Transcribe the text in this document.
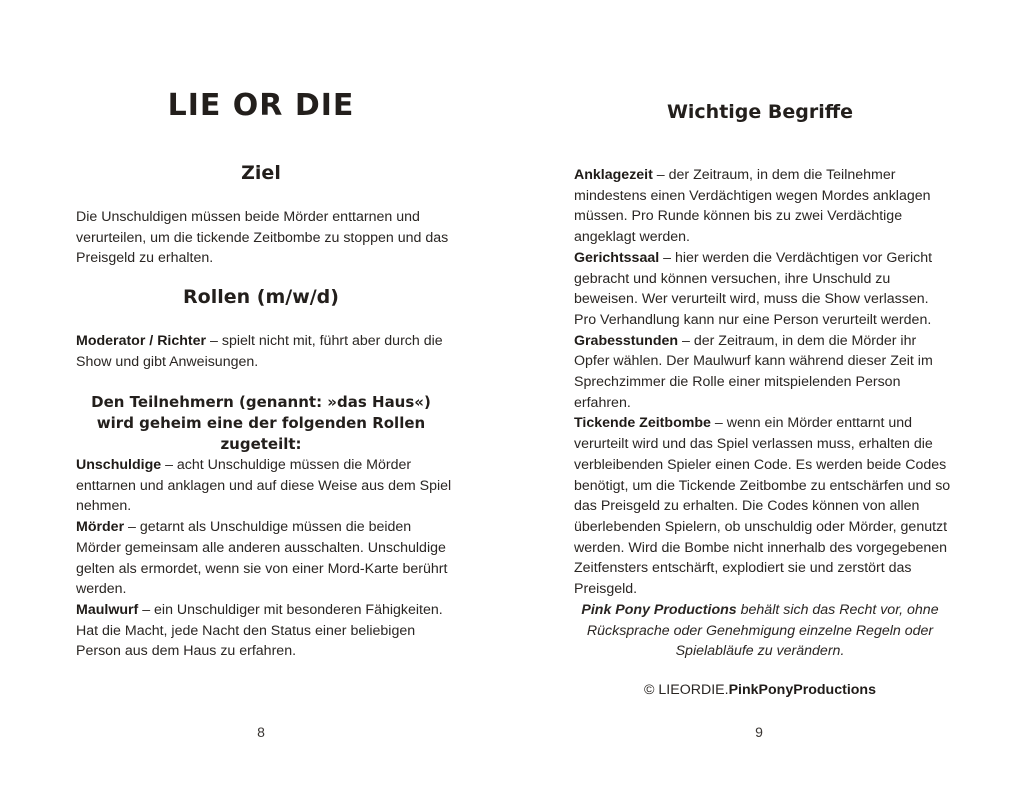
LIE OR DIE
Ziel

Die Unschuldigen müssen beide Mörder enttarnen und verurteilen, um die tickende Zeitbombe zu stoppen und das Preisgeld zu erhalten.

Rollen (m/w/d)

Moderator / Richter – spielt nicht mit, führt aber durch die Show und gibt Anweisungen.

Den Teilnehmern (genannt: »das Haus«)
wird geheim eine der folgenden Rollen zugeteilt:

Unschuldige – acht Unschuldige müssen die Mörder enttarnen und anklagen und auf diese Weise aus dem Spiel nehmen.

Mörder – getarnt als Unschuldige müssen die beiden Mörder gemeinsam alle anderen ausschalten. Unschuldige gelten als ermordet, wenn sie von einer Mord-Karte berührt werden.

Maulwurf – ein Unschuldiger mit besonderen Fähigkeiten. Hat die Macht, jede Nacht den Status einer beliebigen Person aus dem Haus zu erfahren.

8
Wichtige Begriffe

Anklagezeit – der Zeitraum, in dem die Teilnehmer mindestens einen Verdächtigen wegen Mordes anklagen müssen. Pro Runde können bis zu zwei Verdächtige angeklagt werden.

Gerichtssaal – hier werden die Verdächtigen vor Gericht gebracht und können versuchen, ihre Unschuld zu beweisen. Wer verurteilt wird, muss die Show verlassen. Pro Verhandlung kann nur eine Person verurteilt werden.

Grabesstunden – der Zeitraum, in dem die Mörder ihr Opfer wählen. Der Maulwurf kann während dieser Zeit im Sprechzimmer die Rolle einer mitspielenden Person erfahren.

Tickende Zeitbombe – wenn ein Mörder enttarnt und verurteilt wird und das Spiel verlassen muss, erhalten die verbleibenden Spieler einen Code. Es werden beide Codes benötigt, um die Tickende Zeitbombe zu entschärfen und so das Preisgeld zu erhalten. Die Codes können von allen überlebenden Spielern, ob unschuldig oder Mörder, genutzt werden. Wird die Bombe nicht innerhalb des vorgegebenen Zeitfensters entschärft, explodiert sie und zerstört das Preisgeld.

Pink Pony Productions behält sich das Recht vor, ohne Rücksprache oder Genehmigung einzelne Regeln oder Spielabläufe zu verändern.

© LIEORDIE.PinkPonyProductions

9
